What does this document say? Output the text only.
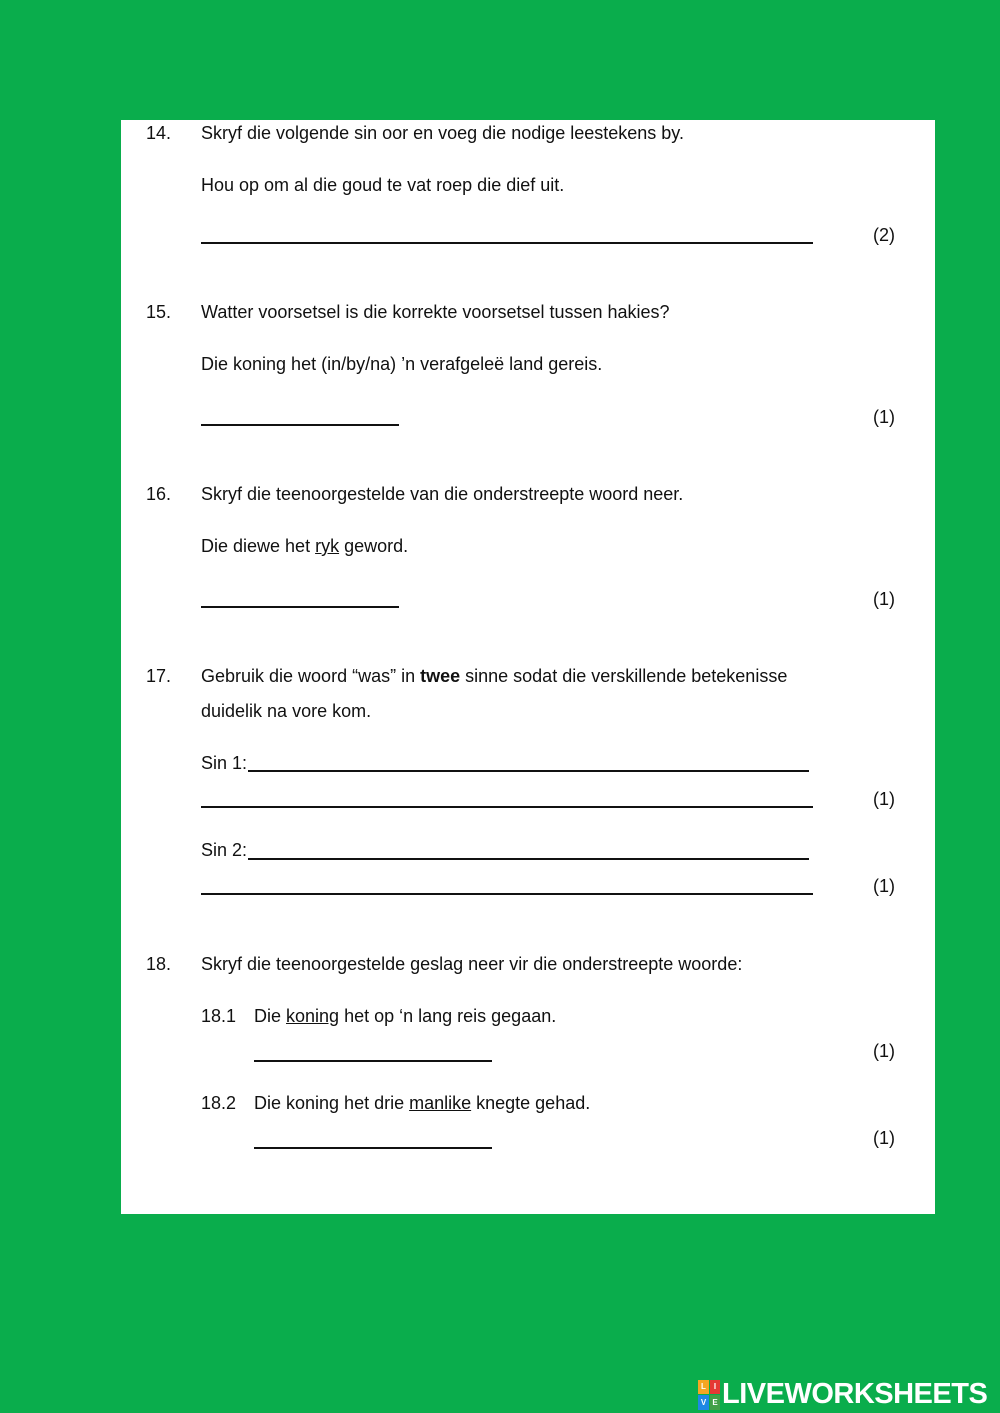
14. Skryf die volgende sin oor en voeg die nodige leestekens by.
Hou op om al die goud te vat roep die dief uit.
(2)
15. Watter voorsetsel is die korrekte voorsetsel tussen hakies?
Die koning het (in/by/na) ’n verafgeleë land gereis.
(1)
16. Skryf die teenoorgestelde van die onderstreepte woord neer.
Die diewe het ryk geword.
(1)
17. Gebruik die woord “was” in twee sinne sodat die verskillende betekenisse
duidelik na vore kom.
Sin 1:
(1)
Sin 2:
(1)
18. Skryf die teenoorgestelde geslag neer vir die onderstreepte woorde:
18.1 Die koning het op ‘n lang reis gegaan.
(1)
18.2 Die koning het drie manlike knegte gehad.
(1)
L	I
V E LIVEWORKSHEETS
